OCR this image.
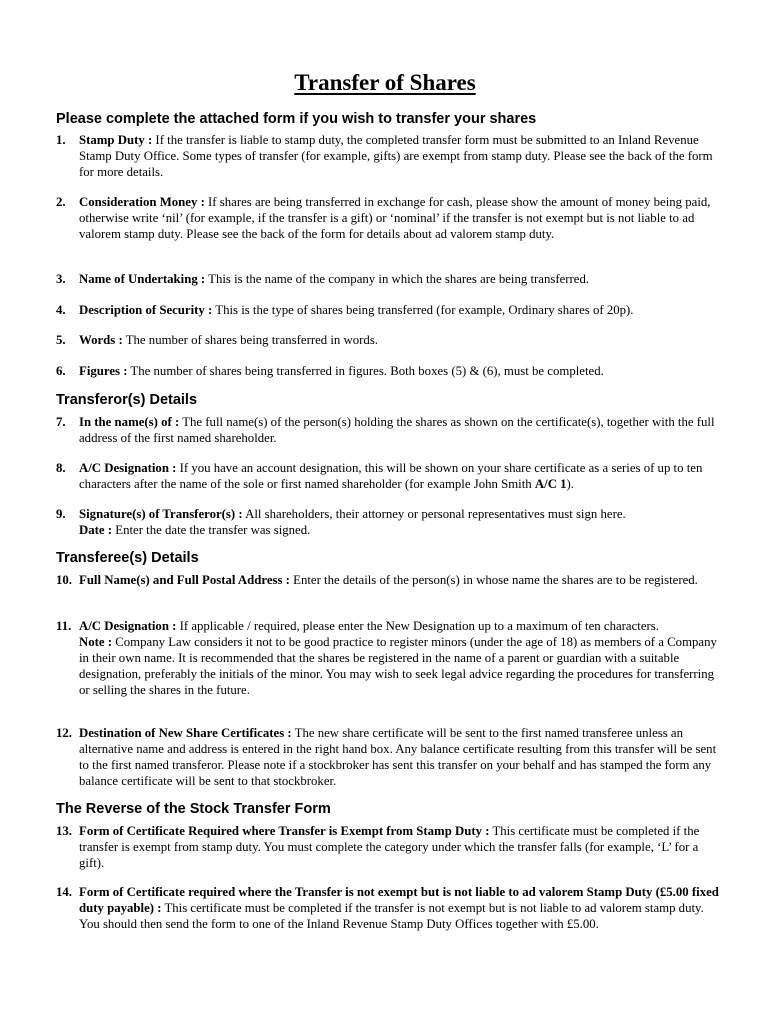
Transfer of Shares
Please complete the attached form if you wish to transfer your shares
1. Stamp Duty : If the transfer is liable to stamp duty, the completed transfer form must be submitted to an Inland Revenue Stamp Duty Office. Some types of transfer (for example, gifts) are exempt from stamp duty. Please see the back of the form for more details.
2. Consideration Money : If shares are being transferred in exchange for cash, please show the amount of money being paid, otherwise write ‘nil’ (for example, if the transfer is a gift) or ‘nominal’ if the transfer is not exempt but is not liable to ad valorem stamp duty. Please see the back of the form for details about ad valorem stamp duty.
3. Name of Undertaking : This is the name of the company in which the shares are being transferred.
4. Description of Security : This is the type of shares being transferred (for example, Ordinary shares of 20p).
5. Words : The number of shares being transferred in words.
6. Figures : The number of shares being transferred in figures. Both boxes (5) & (6), must be completed.
Transferor(s) Details
7. In the name(s) of : The full name(s) of the person(s) holding the shares as shown on the certificate(s), together with the full address of the first named shareholder.
8. A/C Designation : If you have an account designation, this will be shown on your share certificate as a series of up to ten characters after the name of the sole or first named shareholder (for example John Smith A/C 1).
9. Signature(s) of Transferor(s) : All shareholders, their attorney or personal representatives must sign here.
Date : Enter the date the transfer was signed.
Transferee(s) Details
10. Full Name(s) and Full Postal Address : Enter the details of the person(s) in whose name the shares are to be registered.
11. A/C Designation : If applicable / required, please enter the New Designation up to a maximum of ten characters.
Note : Company Law considers it not to be good practice to register minors (under the age of 18) as members of a Company in their own name. It is recommended that the shares be registered in the name of a parent or guardian with a suitable designation, preferably the initials of the minor. You may wish to seek legal advice regarding the procedures for transferring or selling the shares in the future.
12. Destination of New Share Certificates : The new share certificate will be sent to the first named transferee unless an alternative name and address is entered in the right hand box. Any balance certificate resulting from this transfer will be sent to the first named transferor. Please note if a stockbroker has sent this transfer on your behalf and has stamped the form any balance certificate will be sent to that stockbroker.
The Reverse of the Stock Transfer Form
13. Form of Certificate Required where Transfer is Exempt from Stamp Duty : This certificate must be completed if the transfer is exempt from stamp duty. You must complete the category under which the transfer falls (for example, ‘L’ for a gift).
14. Form of Certificate required where the Transfer is not exempt but is not liable to ad valorem Stamp Duty (£5.00 fixed duty payable) : This certificate must be completed if the transfer is not exempt but is not liable to ad valorem stamp duty. You should then send the form to one of the Inland Revenue Stamp Duty Offices together with £5.00.
